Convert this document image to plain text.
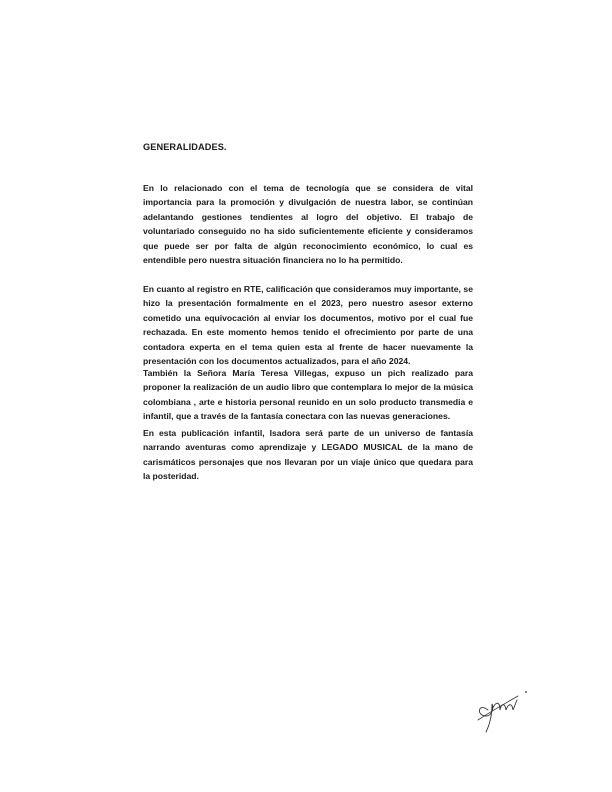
GENERALIDADES.

En lo relacionado con el tema de tecnología que se considera de vital importancia para la promoción y divulgación de nuestra labor, se continúan adelantando gestiones tendientes al logro del objetivo. El trabajo de voluntariado conseguido no ha sido suficientemente eficiente y consideramos que puede ser por falta de algún reconocimiento económico, lo cual es entendible pero nuestra situación financiera no lo ha permitido.

En cuanto al registro en RTE, calificación que consideramos muy importante, se hizo la presentación formalmente en el 2023, pero nuestro asesor externo cometido una equivocación al enviar los documentos, motivo por el cual fue rechazada. En este momento hemos tenido el ofrecimiento por parte de una contadora experta en el tema quien esta al frente de hacer nuevamente la presentación con los documentos actualizados, para el año 2024.

También la Señora María Teresa Villegas, expuso un pich realizado para proponer la realización de un audio libro que contemplara lo mejor de la música colombiana , arte e historia personal reunido en un solo producto transmedia e infantil, que a través de la fantasía conectara con las nuevas generaciones.

En esta publicación infantil, Isadora será parte de un universo de fantasía narrando aventuras como aprendizaje y LEGADO MUSICAL de la mano de carismáticos personajes que nos llevaran por un viaje único que quedara para la posteridad.
